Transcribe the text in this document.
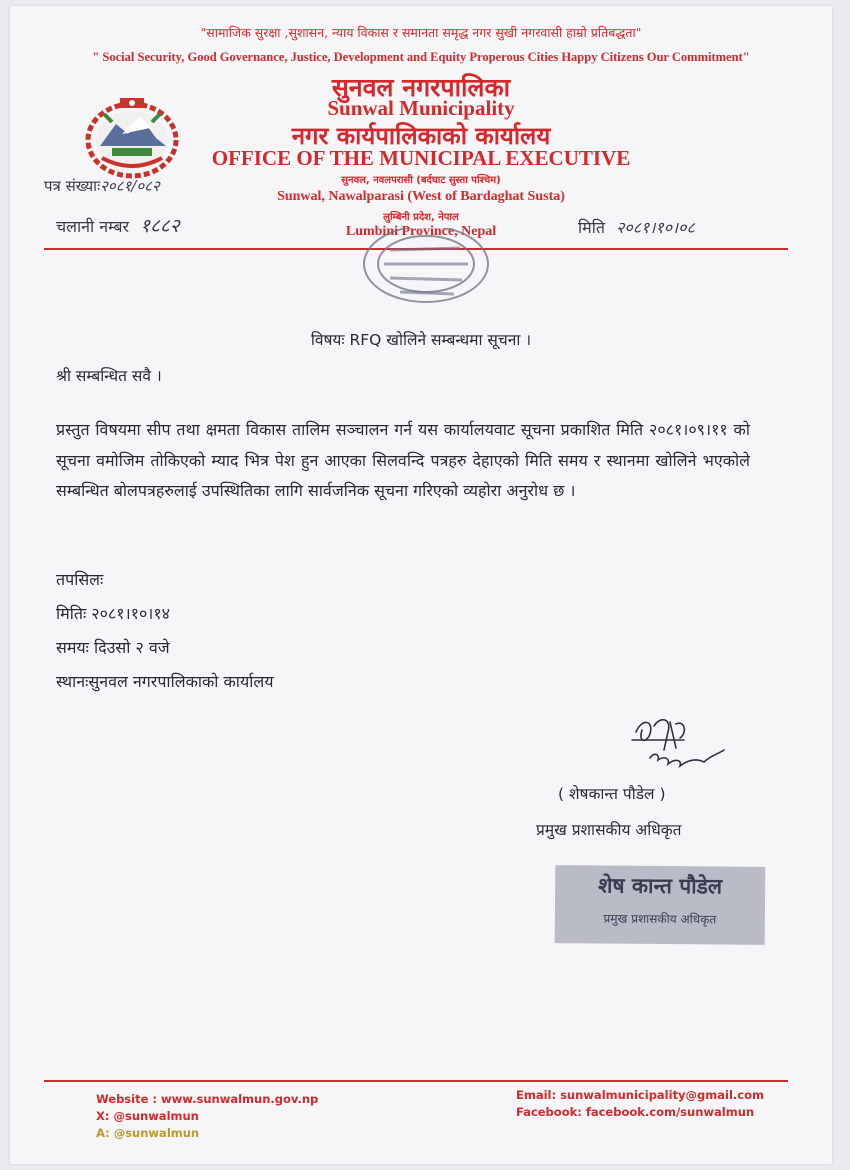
"सामाजिक सुरक्षा ,सुशासन, न्याय विकास र समानता समृद्ध नगर सुखी नगरवासी हाम्रो प्रतिबद्धता"
" Social Security, Good Governance, Justice, Development and Equity Properous Cities Happy Citizens Our Commitment"
सुनवल नगरपालिका
Sunwal Municipality
नगर कार्यपालिकाको कार्यालय
OFFICE OF THE MUNICIPAL EXECUTIVE
सुनवल, नवलपरासी (बर्दघाट सुस्ता पश्चिम)
Sunwal, Nawalparasi (West of Bardaghat Susta)
लुम्बिनी प्रदेश, नेपाल
Lumbini Province, Nepal
पत्र संख्याः२०८१/०८२
चलानी नम्बर १८८२	मिति २०८१।१०।०८
विषयः RFQ खोलिने सम्बन्धमा सूचना ।
श्री सम्बन्धित सवै ।
प्रस्तुत विषयमा सीप तथा क्षमता विकास तालिम सञ्चालन गर्न यस कार्यालयवाट सूचना प्रकाशित मिति २०८१।०९।११ को सूचना वमोजिम तोकिएको म्याद भित्र पेश हुन आएका सिलवन्दि पत्रहरु देहाएको मिति समय र स्थानमा खोलिने भएकोले सम्बन्धित बोलपत्रहरुलाई उपस्थितिका लागि सार्वजनिक सूचना गरिएको व्यहोरा अनुरोध छ ।
तपसिलः
मितिः २०८१।१०।१४
समयः दिउसो २ वजे
स्थानःसुनवल नगरपालिकाको कार्यालय
( शेषकान्त पौडेल )
प्रमुख प्रशासकीय अधिकृत
शेष कान्त पौडेल
प्रमुख प्रशासकीय अधिकृत
Website : www.sunwalmun.gov.np
X: @sunwalmun
A: @sunwalmun
Email: sunwalmunicipality@gmail.com
Facebook: facebook.com/sunwalmun
